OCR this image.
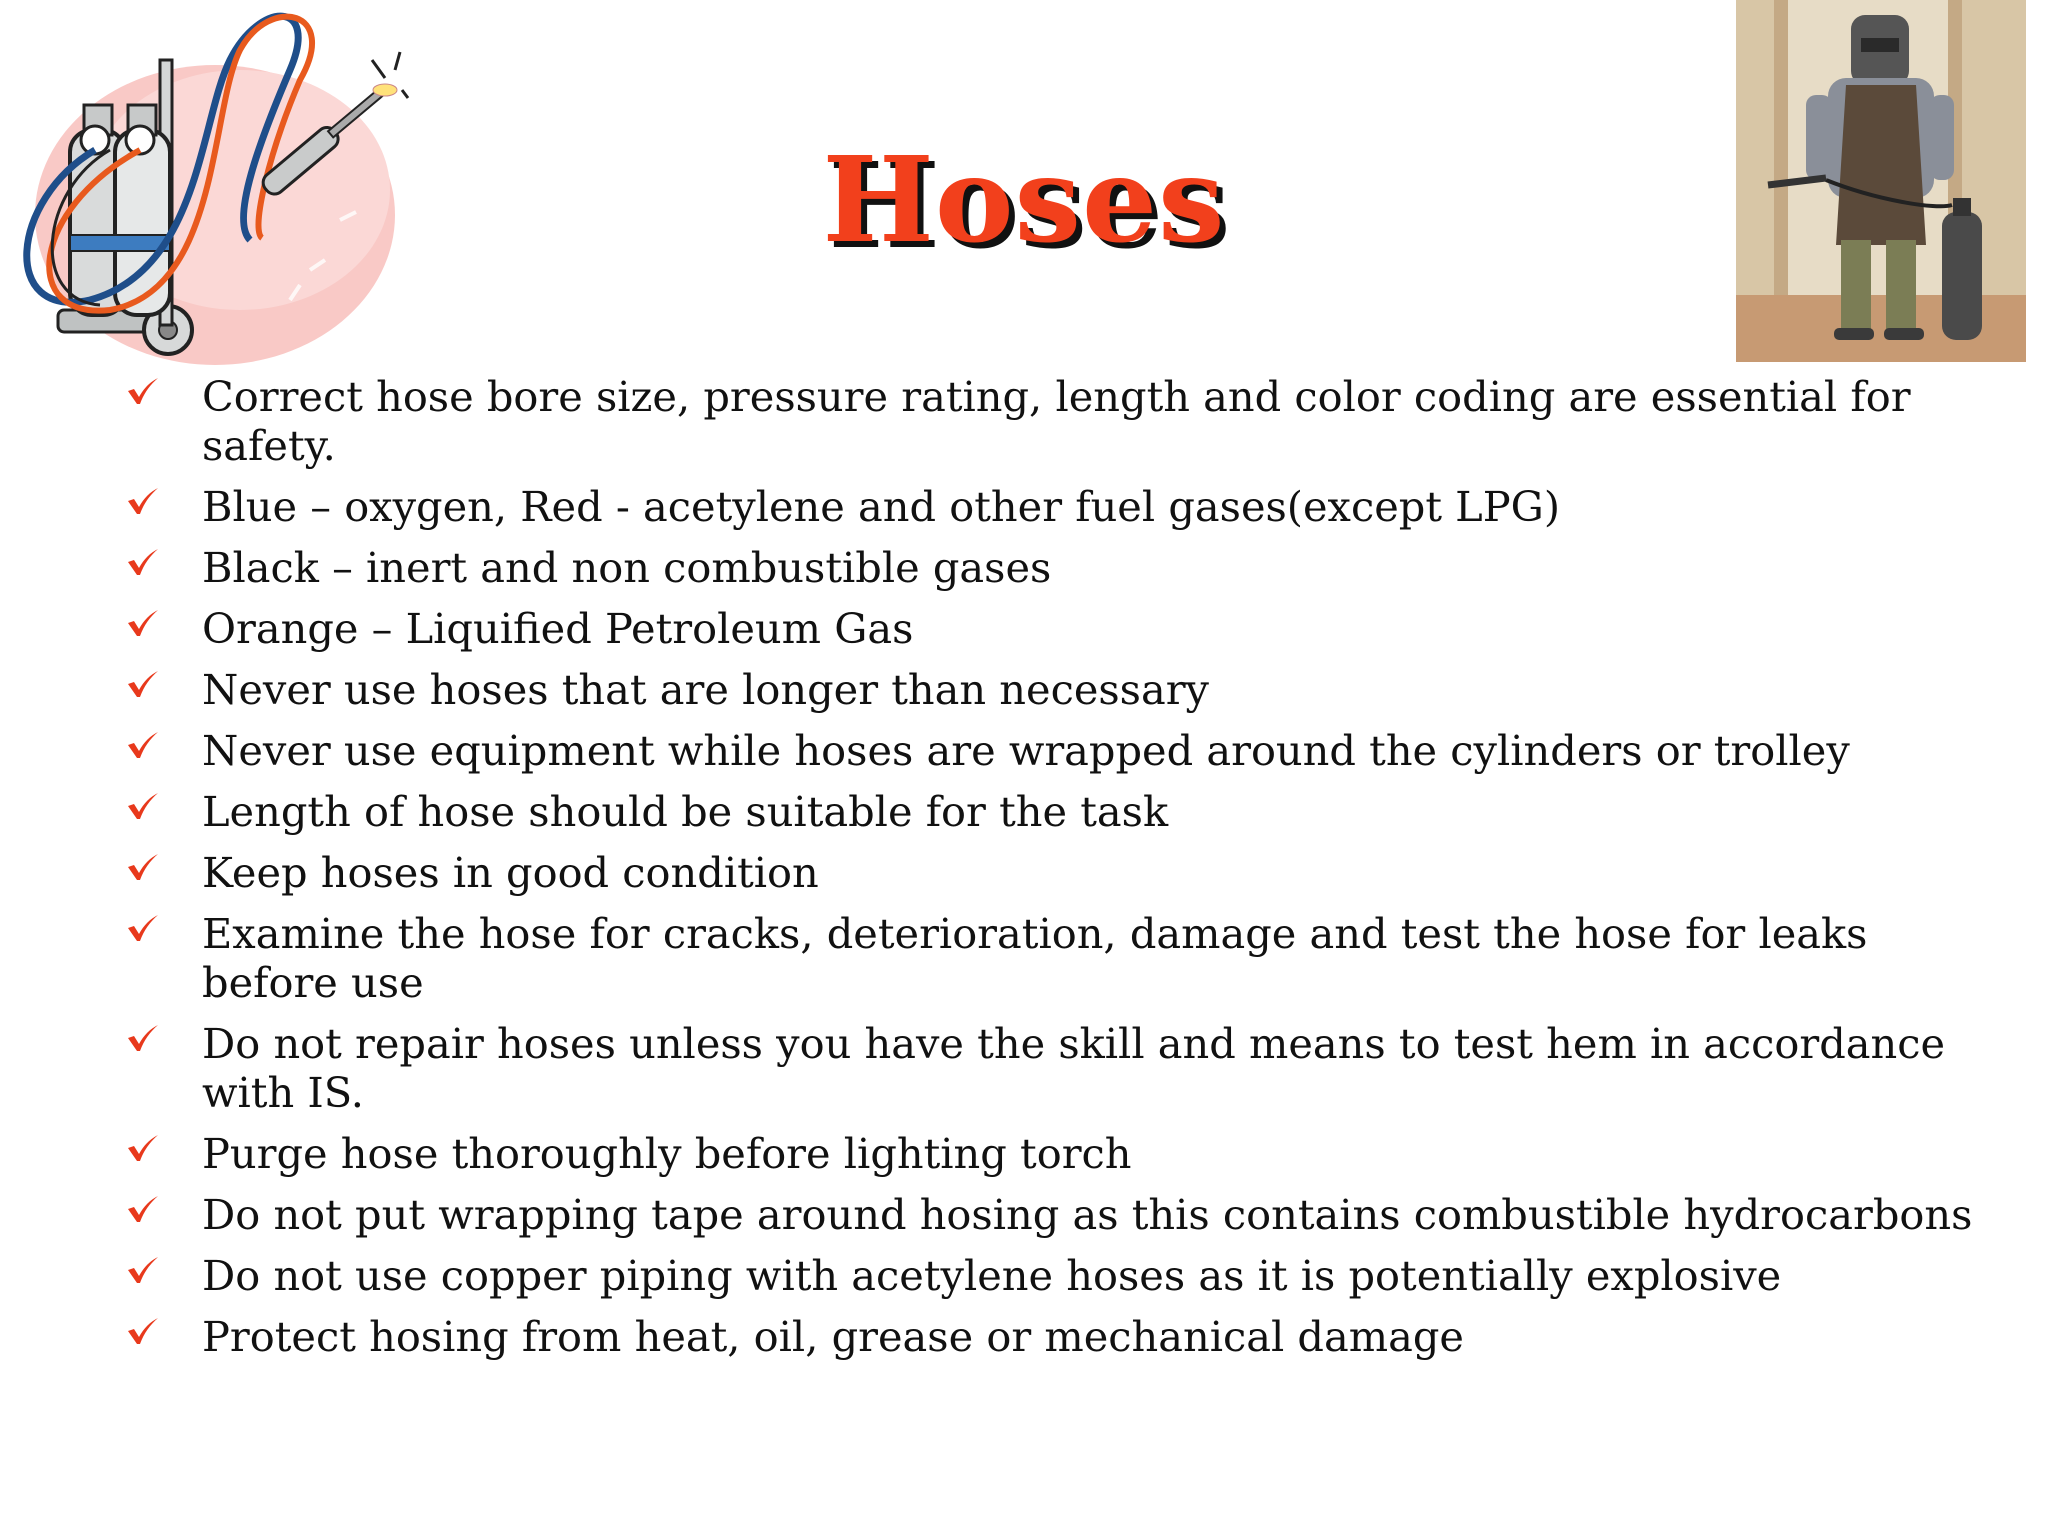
Hoses
Correct hose bore size, pressure rating, length and color coding are essential for safety.
Blue – oxygen, Red - acetylene and other fuel gases(except LPG)
Black – inert and non combustible gases
Orange – Liquified Petroleum Gas
Never use hoses that are longer than necessary
Never use equipment while hoses are wrapped around the cylinders or trolley
Length of hose should be suitable for the task
Keep hoses in good condition
Examine the hose for cracks, deterioration, damage and test the hose for leaks before use
Do not repair hoses unless you have the skill and means to test hem in accordance with IS.
Purge hose thoroughly before lighting torch
Do not put wrapping tape around hosing as this contains combustible hydrocarbons
Do not use copper piping with acetylene hoses as it is potentially explosive
Protect hosing from heat, oil, grease or mechanical damage
